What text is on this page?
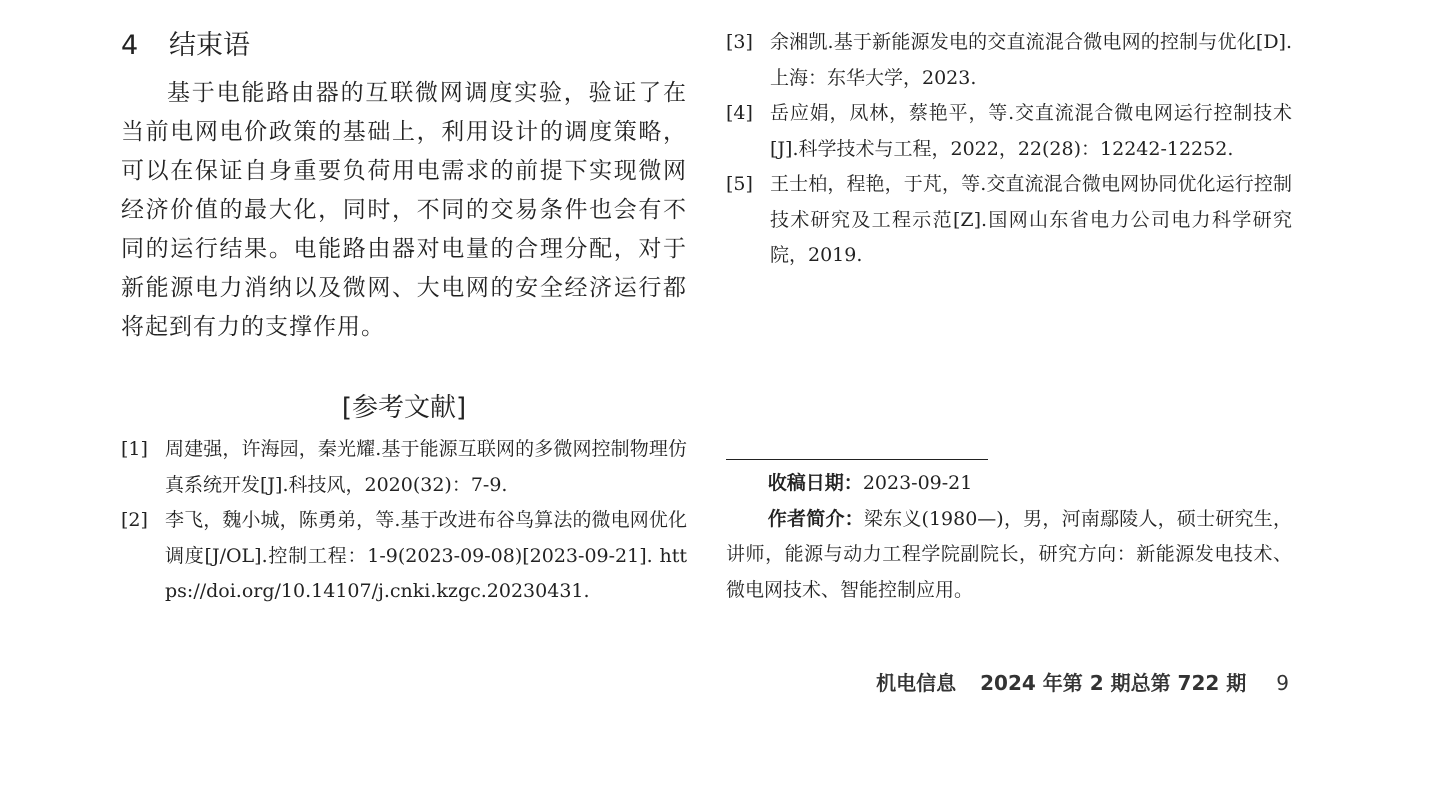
4 结束语

基于电能路由器的互联微网调度实验，验证了在当前电网电价政策的基础上，利用设计的调度策略，可以在保证自身重要负荷用电需求的前提下实现微网经济价值的最大化，同时，不同的交易条件也会有不同的运行结果。电能路由器对电量的合理分配，对于新能源电力消纳以及微网、大电网的安全经济运行都将起到有力的支撑作用。

[参考文献]
[1] 周建强，许海园，秦光耀.基于能源互联网的多微网控制物理仿真系统开发[J].科技风，2020(32)：7-9.
[2] 李飞，魏小城，陈勇弟，等.基于改进布谷鸟算法的微电网优化调度[J/OL].控制工程：1-9(2023-09-08)[2023-09-21]. https://doi.org/10.14107/j.cnki.kzgc.20230431.
[3] 余湘凯.基于新能源发电的交直流混合微电网的控制与优化[D].上海：东华大学，2023.
[4] 岳应娟，凤林，蔡艳平，等.交直流混合微电网运行控制技术[J].科学技术与工程，2022，22(28)：12242-12252.
[5] 王士柏，程艳，于芃，等.交直流混合微电网协同优化运行控制技术研究及工程示范[Z].国网山东省电力公司电力科学研究院，2019.

收稿日期：2023-09-21

作者简介：梁东义(1980—)，男，河南鄢陵人，硕士研究生，讲师，能源与动力工程学院副院长，研究方向：新能源发电技术、微电网技术、智能控制应用。

机电信息 2024 年第 2 期总第 722 期 9
